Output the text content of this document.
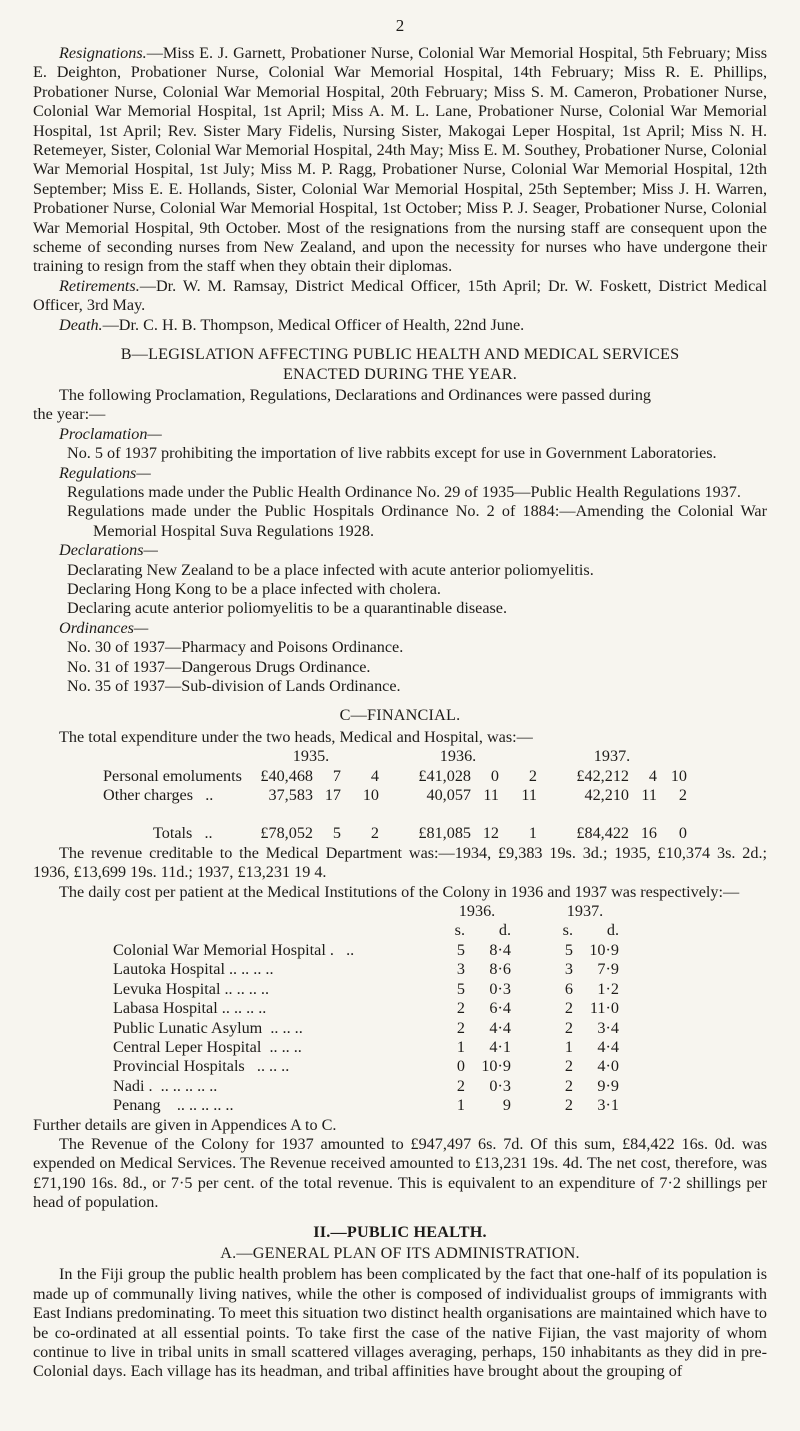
2

Resignations.—Miss E. J. Garnett, Probationer Nurse, Colonial War Memorial Hospital, 5th February; Miss E. Deighton, Probationer Nurse, Colonial War Memorial Hospital, 14th February; Miss R. E. Phillips, Probationer Nurse, Colonial War Memorial Hospital, 20th February; Miss S. M. Cameron, Probationer Nurse, Colonial War Memorial Hospital, 1st April; Miss A. M. L. Lane, Probationer Nurse, Colonial War Memorial Hospital, 1st April; Rev. Sister Mary Fidelis, Nursing Sister, Makogai Leper Hospital, 1st April; Miss N. H. Retemeyer, Sister, Colonial War Memorial Hospital, 24th May; Miss E. M. Southey, Probationer Nurse, Colonial War Memorial Hospital, 1st July; Miss M. P. Ragg, Probationer Nurse, Colonial War Memorial Hospital, 12th September; Miss E. E. Hollands, Sister, Colonial War Memorial Hospital, 25th September; Miss J. H. Warren, Probationer Nurse, Colonial War Memorial Hospital, 1st October; Miss P. J. Seager, Probationer Nurse, Colonial War Memorial Hospital, 9th October. Most of the resignations from the nursing staff are consequent upon the scheme of seconding nurses from New Zealand, and upon the necessity for nurses who have undergone their training to resign from the staff when they obtain their diplomas.

Retirements.—Dr. W. M. Ramsay, District Medical Officer, 15th April; Dr. W. Foskett, District Medical Officer, 3rd May.

Death.—Dr. C. H. B. Thompson, Medical Officer of Health, 22nd June.

B—LEGISLATION AFFECTING PUBLIC HEALTH AND MEDICAL SERVICES
ENACTED DURING THE YEAR.

The following Proclamation, Regulations, Declarations and Ordinances were passed during

the year:—

Proclamation—

No. 5 of 1937 prohibiting the importation of live rabbits except for use in Government Laboratories.

Regulations—

Regulations made under the Public Health Ordinance No. 29 of 1935—Public Health Regulations 1937.

Regulations made under the Public Hospitals Ordinance No. 2 of 1884:—Amending the Colonial War Memorial Hospital Suva Regulations 1928.

Declarations—

Declarating New Zealand to be a place infected with acute anterior poliomyelitis.

Declaring Hong Kong to be a place infected with cholera.

Declaring acute anterior poliomyelitis to be a quarantinable disease.

Ordinances—

No. 30 of 1937—Pharmacy and Poisons Ordinance.

No. 31 of 1937—Dangerous Drugs Ordinance.

No. 35 of 1937—Sub-division of Lands Ordinance.

C—FINANCIAL.

The total expenditure under the two heads, Medical and Hospital, was:—

	1935.			1936.			1937.		
Personal emoluments	£40,468	7	4	£41,028	0	2	£42,212	4	10
Other charges ..	37,583	17	10	40,057	11	11	42,210	11	2

Totals ..	£78,052	5	2	£81,085	12	1	£84,422	16	0

The revenue creditable to the Medical Department was:—1934, £9,383 19s. 3d.; 1935, £10,374 3s. 2d.; 1936, £13,699 19s. 11d.; 1937, £13,231 19 4.

The daily cost per patient at the Medical Institutions of the Colony in 1936 and 1937 was respectively:—

	1936.			1937.	
	s.	d.		s.	d.
Colonial War Memorial Hospital . ..	5	8·4		5	10·9
Lautoka Hospital .. .. .. ..	3	8·6		3	7·9
Levuka Hospital .. .. .. ..	5	0·3		6	1·2
Labasa Hospital .. .. .. ..	2	6·4		2	11·0
Public Lunatic Asylum .. .. ..	2	4·4		2	3·4
Central Leper Hospital .. .. ..	1	4·1		1	4·4
Provincial Hospitals .. .. ..	0	10·9		2	4·0
Nadi . .. .. .. .. ..	2	0·3		2	9·9
Penang .. .. .. .. ..	1	9		2	3·1

Further details are given in Appendices A to C.

The Revenue of the Colony for 1937 amounted to £947,497 6s. 7d. Of this sum, £84,422 16s. 0d. was expended on Medical Services. The Revenue received amounted to £13,231 19s. 4d. The net cost, therefore, was £71,190 16s. 8d., or 7·5 per cent. of the total revenue. This is equivalent to an expenditure of 7·2 shillings per head of population.

II.—PUBLIC HEALTH.
A.—GENERAL PLAN OF ITS ADMINISTRATION.

In the Fiji group the public health problem has been complicated by the fact that one-half of its population is made up of communally living natives, while the other is composed of individualist groups of immigrants with East Indians predominating. To meet this situation two distinct health organisations are maintained which have to be co-ordinated at all essential points. To take first the case of the native Fijian, the vast majority of whom continue to live in tribal units in small scattered villages averaging, perhaps, 150 inhabitants as they did in pre-Colonial days. Each village has its headman, and tribal affinities have brought about the grouping of
